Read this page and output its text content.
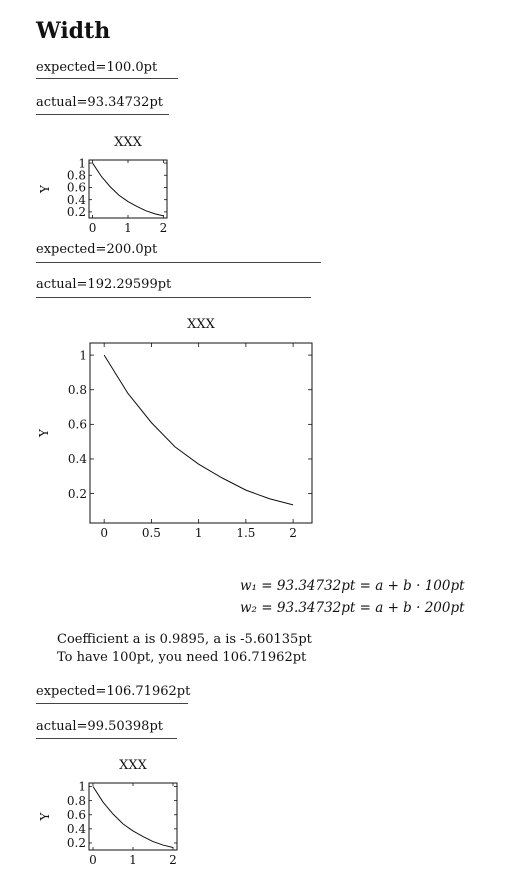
Width
expected=100.0pt
actual=93.34732pt
XXX
0 1 2
1
0.8
0.6
0.4
0.2
Y
expected=200.0pt
actual=192.29599pt
XXX
0	0.5	1	1.5	2
1
0.8
0.6
0.4
0.2
Y
w₁ = 93.34732pt = a + b · 100pt
w₂ = 93.34732pt = a + b · 200pt
Coefficient a is 0.9895, a is -5.60135pt
To have 100pt, you need 106.71962pt
expected=106.71962pt
actual=99.50398pt
XXX
0	1	2
1
0.8
0.6
0.4
0.2
Y
